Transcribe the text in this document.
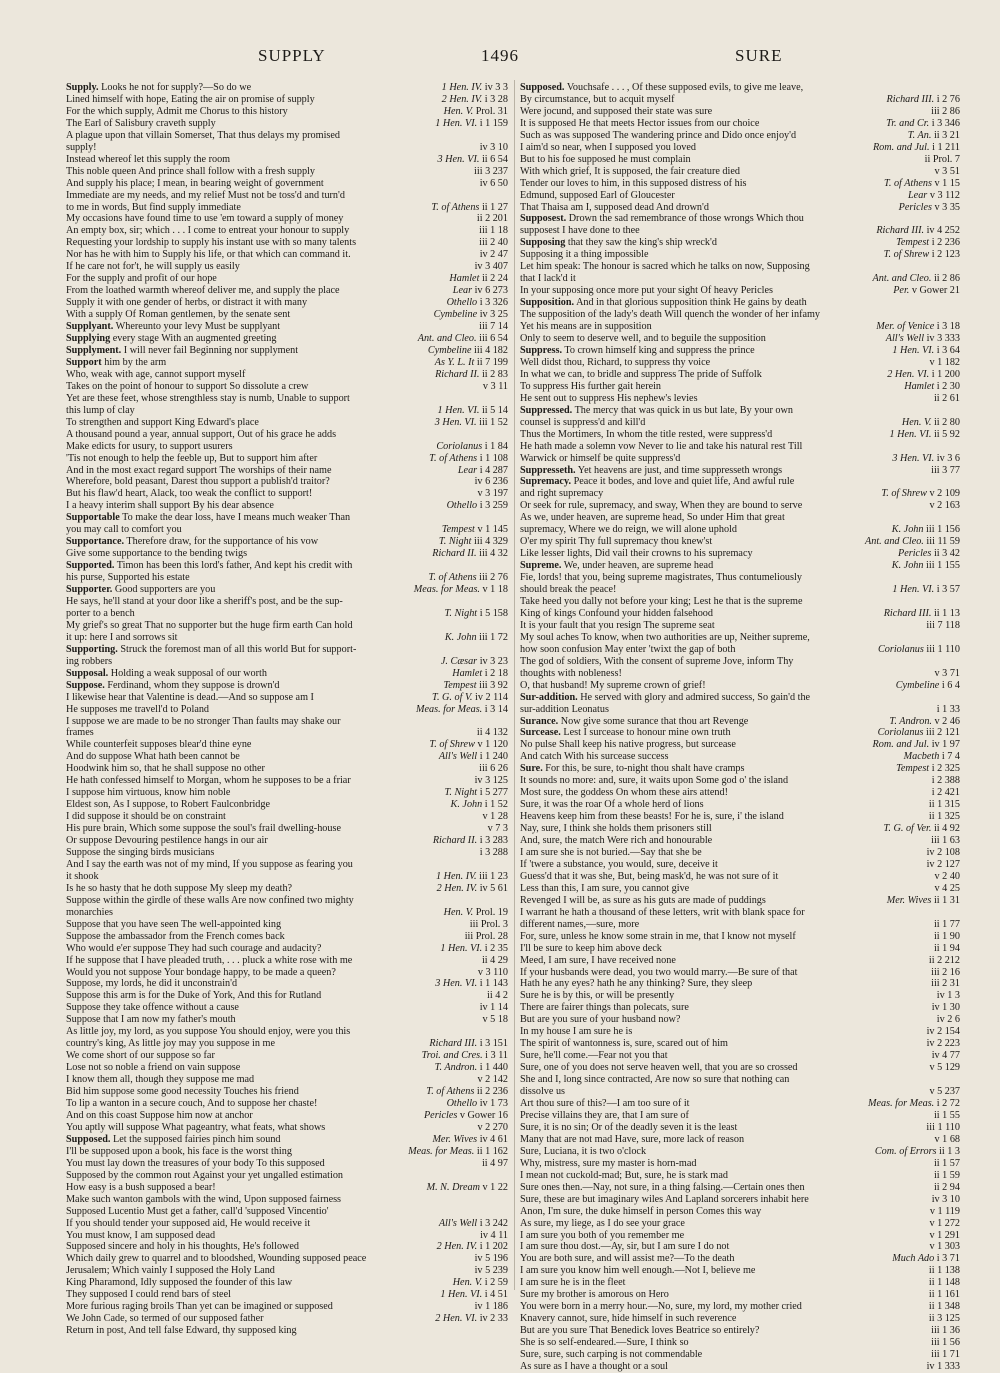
SUPPLY	1496	SURE
Supply. Looks he not for supply?—So do we	1 Hen. IV. iv 3 3
Lined himself with hope, Eating the air on promise of supply	2 Hen. IV. i 3 28
For the which supply, Admit me Chorus to this history	Hen. V. Prol. 31
The Earl of Salisbury craveth supply	1 Hen. VI. i 1 159
A plague upon that villain Somerset, That thus delays my promised
supply!	iv 3 10
Instead whereof let this supply the room	3 Hen. VI. ii 6 54
This noble queen And prince shall follow with a fresh supply	iii 3 237
And supply his place; I mean, in bearing weight of government	iv 6 50
Immediate are my needs, and my relief Must not be toss'd and turn'd
to me in words, But find supply immediate	T. of Athens ii 1 27
My occasions have found time to use 'em toward a supply of money	ii 2 201
An empty box, sir; which . . . I come to entreat your honour to supply	iii 1 18
Requesting your lordship to supply his instant use with so many talents	iii 2 40
Nor has he with him to Supply his life, or that which can command it.	iv 2 47
If he care not for't, he will supply us easily	iv 3 407
For the supply and profit of our hope	Hamlet ii 2 24
From the loathed warmth whereof deliver me, and supply the place	Lear iv 6 273
Supply it with one gender of herbs, or distract it with many	Othello i 3 326
With a supply Of Roman gentlemen, by the senate sent	Cymbeline iv 3 25
Supplyant. Whereunto your levy Must be supplyant	iii 7 14
Supplying every stage With an augmented greeting	Ant. and Cleo. iii 6 54
Supplyment. I will never fail Beginning nor supplyment	Cymbeline iii 4 182
Support him by the arm	As Y. L. It ii 7 199
Who, weak with age, cannot support myself	Richard II. ii 2 83
Takes on the point of honour to support So dissolute a crew	v 3 11
Yet are these feet, whose strengthless stay is numb, Unable to support
this lump of clay	1 Hen. VI. ii 5 14
To strengthen and support King Edward's place	3 Hen. VI. iii 1 52
A thousand pound a year, annual support, Out of his grace he adds
Make edicts for usury, to support usurers	Coriolanus i 1 84
'Tis not enough to help the feeble up, But to support him after	T. of Athens i 1 108
And in the most exact regard support The worships of their name	Lear i 4 287
Wherefore, bold peasant, Darest thou support a publish'd traitor?	iv 6 236
But his flaw'd heart, Alack, too weak the conflict to support!	v 3 197
I a heavy interim shall support By his dear absence	Othello i 3 259
Supportable To make the dear loss, have I means much weaker Than
you may call to comfort you	Tempest v 1 145
Supportance. Therefore draw, for the supportance of his vow	T. Night iii 4 329
Give some supportance to the bending twigs	Richard II. iii 4 32
Supported. Timon has been this lord's father, And kept his credit with
his purse, Supported his estate	T. of Athens iii 2 76
Supporter. Good supporters are you	Meas. for Meas. v 1 18
He says, he'll stand at your door like a sheriff's post, and be the sup-
porter to a bench	T. Night i 5 158
My grief's so great That no supporter but the huge firm earth Can hold
it up: here I and sorrows sit	K. John iii 1 72
Supporting. Struck the foremost man of all this world But for support-
ing robbers	J. Cæsar iv 3 23
Supposal. Holding a weak supposal of our worth	Hamlet i 2 18
Suppose. Ferdinand, whom they suppose is drown'd	Tempest iii 3 92
I likewise hear that Valentine is dead.—And so suppose am I	T. G. of V. iv 2 114
He supposes me travell'd to Poland	Meas. for Meas. i 3 14
I suppose we are made to be no stronger Than faults may shake our
frames	ii 4 132
While counterfeit supposes blear'd thine eyne	T. of Shrew v 1 120
And do suppose What hath been cannot be	All's Well i 1 240
Hoodwink him so, that he shall suppose no other	iii 6 26
He hath confessed himself to Morgan, whom he supposes to be a friar	iv 3 125
I suppose him virtuous, know him noble	T. Night i 5 277
Eldest son, As I suppose, to Robert Faulconbridge	K. John i 1 52
I did suppose it should be on constraint	v 1 28
His pure brain, Which some suppose the soul's frail dwelling-house	v 7 3
Or suppose Devouring pestilence hangs in our air	Richard II. i 3 283
Suppose the singing birds musicians	i 3 288
And I say the earth was not of my mind, If you suppose as fearing you
it shook	1 Hen. IV. iii 1 23
Is he so hasty that he doth suppose My sleep my death?	2 Hen. IV. iv 5 61
Suppose within the girdle of these walls Are now confined two mighty
monarchies	Hen. V. Prol. 19
Suppose that you have seen The well-appointed king	iii Prol. 3
Suppose the ambassador from the French comes back	iii Prol. 28
Who would e'er suppose They had such courage and audacity?	1 Hen. VI. i 2 35
If he suppose that I have pleaded truth, . . . pluck a white rose with me	ii 4 29
Would you not suppose Your bondage happy, to be made a queen?	v 3 110
Suppose, my lords, he did it unconstrain'd	3 Hen. VI. i 1 143
Suppose this arm is for the Duke of York, And this for Rutland	ii 4 2
Suppose they take offence without a cause	iv 1 14
Suppose that I am now my father's mouth	v 5 18
As little joy, my lord, as you suppose You should enjoy, were you this
country's king, As little joy may you suppose in me	Richard III. i 3 151
We come short of our suppose so far	Troi. and Cres. i 3 11
Lose not so noble a friend on vain suppose	T. Andron. i 1 440
I know them all, though they suppose me mad	v 2 142
Bid him suppose some good necessity Touches his friend	T. of Athens ii 2 236
To lip a wanton in a secure couch, And to suppose her chaste!	Othello iv 1 73
And on this coast Suppose him now at anchor	Pericles v Gower 16
You aptly will suppose What pageantry, what feats, what shows	v 2 270
Supposed. Let the supposed fairies pinch him sound	Mer. Wives iv 4 61
I'll be supposed upon a book, his face is the worst thing	Meas. for Meas. ii 1 162
You must lay down the treasures of your body To this supposed	ii 4 97
Supposed by the common rout Against your yet ungalled estimation
How easy is a bush supposed a bear!	M. N. Dream v 1 22
Make such wanton gambols with the wind, Upon supposed fairness
Supposed Lucentio Must get a father, call'd 'supposed Vincentio'
If you should tender your supposed aid, He would receive it	All's Well i 3 242
You must know, I am supposed dead	iv 4 11
Supposed sincere and holy in his thoughts, He's followed	2 Hen. IV. i 1 202
Which daily grew to quarrel and to bloodshed, Wounding supposed peace	iv 5 196
Jerusalem; Which vainly I supposed the Holy Land	iv 5 239
King Pharamond, Idly supposed the founder of this law	Hen. V. i 2 59
They supposed I could rend bars of steel	1 Hen. VI. i 4 51
More furious raging broils Than yet can be imagined or supposed	iv 1 186
We John Cade, so termed of our supposed father	2 Hen. VI. iv 2 33
Return in post, And tell false Edward, thy supposed king
Supposed. Vouchsafe . . . , Of these supposed evils, to give me leave,
By circumstance, but to acquit myself	Richard III. i 2 76
Were jocund, and supposed their state was sure	iii 2 86
It is supposed He that meets Hector issues from our choice	Tr. and Cr. i 3 346
Such as was supposed The wandering prince and Dido once enjoy'd	T. An. ii 3 21
I aim'd so near, when I supposed you loved	Rom. and Jul. i 1 211
But to his foe supposed he must complain	ii Prol. 7
With which grief, It is supposed, the fair creature died	v 3 51
Tender our loves to him, in this supposed distress of his	T. of Athens v 1 15
Edmund, supposed Earl of Gloucester	Lear v 3 112
That Thaisa am I, supposed dead And drown'd	Pericles v 3 35
Supposest. Drown the sad remembrance of those wrongs Which thou
supposest I have done to thee	Richard III. iv 4 252
Supposing that they saw the king's ship wreck'd	Tempest i 2 236
Supposing it a thing impossible	T. of Shrew i 2 123
Let him speak: The honour is sacred which he talks on now, Supposing
that I lack'd it	Ant. and Cleo. ii 2 86
In your supposing once more put your sight Of heavy Pericles	Per. v Gower 21
Supposition. And in that glorious supposition think He gains by death
The supposition of the lady's death Will quench the wonder of her infamy
Yet his means are in supposition	Mer. of Venice i 3 18
Only to seem to deserve well, and to beguile the supposition	All's Well iv 3 333
Suppress. To crown himself king and suppress the prince	1 Hen. VI. i 3 64
Well didst thou, Richard, to suppress thy voice	v 1 182
In what we can, to bridle and suppress The pride of Suffolk	2 Hen. VI. i 1 200
To suppress His further gait herein	Hamlet i 2 30
He sent out to suppress His nephew's levies	ii 2 61
Suppressed. The mercy that was quick in us but late, By your own
counsel is suppress'd and kill'd	Hen. V. ii 2 80
Thus the Mortimers, In whom the title rested, were suppress'd	1 Hen. VI. ii 5 92
He hath made a solemn vow Never to lie and take his natural rest Till
Warwick or himself be quite suppress'd	3 Hen. VI. iv 3 6
Suppresseth. Yet heavens are just, and time suppresseth wrongs	iii 3 77
Supremacy. Peace it bodes, and love and quiet life, And awful rule
and right supremacy	T. of Shrew v 2 109
Or seek for rule, supremacy, and sway, When they are bound to serve	v 2 163
As we, under heaven, are supreme head, So under Him that great
supremacy, Where we do reign, we will alone uphold	K. John iii 1 156
O'er my spirit Thy full supremacy thou knew'st	Ant. and Cleo. iii 11 59
Like lesser lights, Did vail their crowns to his supremacy	Pericles ii 3 42
Supreme. We, under heaven, are supreme head	K. John iii 1 155
Fie, lords! that you, being supreme magistrates, Thus contumeliously
should break the peace!	1 Hen. VI. i 3 57
Take heed you dally not before your king; Lest he that is the supreme
King of kings Confound your hidden falsehood	Richard III. ii 1 13
It is your fault that you resign The supreme seat	iii 7 118
My soul aches To know, when two authorities are up, Neither supreme,
how soon confusion May enter 'twixt the gap of both	Coriolanus iii 1 110
The god of soldiers, With the consent of supreme Jove, inform Thy
thoughts with nobleness!	v 3 71
O, that husband! My supreme crown of grief!	Cymbeline i 6 4
Sur-addition. He served with glory and admired success, So gain'd the
sur-addition Leonatus	i 1 33
Surance. Now give some surance that thou art Revenge	T. Andron. v 2 46
Surcease. Lest I surcease to honour mine own truth	Coriolanus iii 2 121
No pulse Shall keep his native progress, but surcease	Rom. and Jul. iv 1 97
And catch With his surcease success	Macbeth i 7 4
Sure. For this, be sure, to-night thou shalt have cramps	Tempest i 2 325
It sounds no more: and, sure, it waits upon Some god o' the island	i 2 388
Most sure, the goddess On whom these airs attend!	i 2 421
Sure, it was the roar Of a whole herd of lions	ii 1 315
Heavens keep him from these beasts! For he is, sure, i' the island	ii 1 325
Nay, sure, I think she holds them prisoners still	T. G. of Ver. ii 4 92
And, sure, the match Were rich and honourable	iii 1 63
I am sure she is not buried.—Say that she be	iv 2 108
If 'twere a substance, you would, sure, deceive it	iv 2 127
Guess'd that it was she, But, being mask'd, he was not sure of it	v 2 40
Less than this, I am sure, you cannot give	v 4 25
Revenged I will be, as sure as his guts are made of puddings	Mer. Wives ii 1 31
I warrant he hath a thousand of these letters, writ with blank space for
different names,—sure, more	ii 1 77
For, sure, unless he know some strain in me, that I know not myself	ii 1 90
I'll be sure to keep him above deck	ii 1 94
Meed, I am sure, I have received none	ii 2 212
If your husbands were dead, you two would marry.—Be sure of that	iii 2 16
Hath he any eyes? hath he any thinking? Sure, they sleep	iii 2 31
Sure he is by this, or will be presently	iv 1 3
There are fairer things than polecats, sure	iv 1 30
But are you sure of your husband now?	iv 2 6
In my house I am sure he is	iv 2 154
The spirit of wantonness is, sure, scared out of him	iv 2 223
Sure, he'll come.—Fear not you that	iv 4 77
Sure, one of you does not serve heaven well, that you are so crossed	v 5 129
She and I, long since contracted, Are now so sure that nothing can
dissolve us	v 5 237
Art thou sure of this?—I am too sure of it	Meas. for Meas. i 2 72
Precise villains they are, that I am sure of	ii 1 55
Sure, it is no sin; Or of the deadly seven it is the least	iii 1 110
Many that are not mad Have, sure, more lack of reason	v 1 68
Sure, Luciana, it is two o'clock	Com. of Errors ii 1 3
Why, mistress, sure my master is horn-mad	ii 1 57
I mean not cuckold-mad; But, sure, he is stark mad	ii 1 59
Sure ones then.—Nay, not sure, in a thing falsing.—Certain ones then	ii 2 94
Sure, these are but imaginary wiles And Lapland sorcerers inhabit here	iv 3 10
Anon, I'm sure, the duke himself in person Comes this way	v 1 119
As sure, my liege, as I do see your grace	v 1 272
I am sure you both of you remember me	v 1 291
I am sure thou dost.—Ay, sir, but I am sure I do not	v 1 303
You are both sure, and will assist me?—To the death	Much Ado i 3 71
I am sure you know him well enough.—Not I, believe me	ii 1 138
I am sure he is in the fleet	ii 1 148
Sure my brother is amorous on Hero	ii 1 161
You were born in a merry hour.—No, sure, my lord, my mother cried	ii 1 348
Knavery cannot, sure, hide himself in such reverence	ii 3 125
But are you sure That Benedick loves Beatrice so entirely?	iii 1 36
She is so self-endeared.—Sure, I think so	iii 1 56
Sure, sure, such carping is not commendable	iii 1 71
As sure as I have a thought or a soul	iv 1 333
